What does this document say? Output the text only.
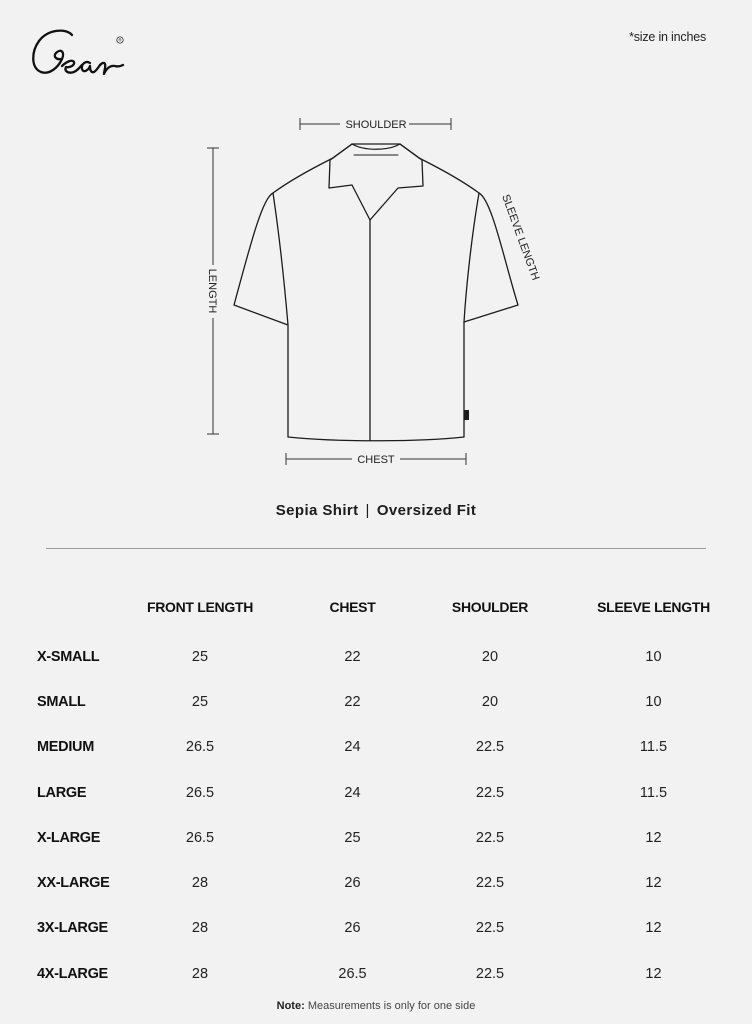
R	*size in inches
SHOULDER
LENGTH
SLEEVE LENGTH
CHEST
Sepia Shirt | Oversized Fit
	FRONT LENGTH	CHEST	SHOULDER	SLEEVE LENGTH
X-SMALL	25	22	20	10
SMALL	25	22	20	10
MEDIUM	26.5	24	22.5	11.5
LARGE	26.5	24	22.5	11.5
X-LARGE	26.5	25	22.5	12
XX-LARGE	28	26	22.5	12
3X-LARGE	28	26	22.5	12
4X-LARGE	28	26.5	22.5	12
Note: Measurements is only for one side
